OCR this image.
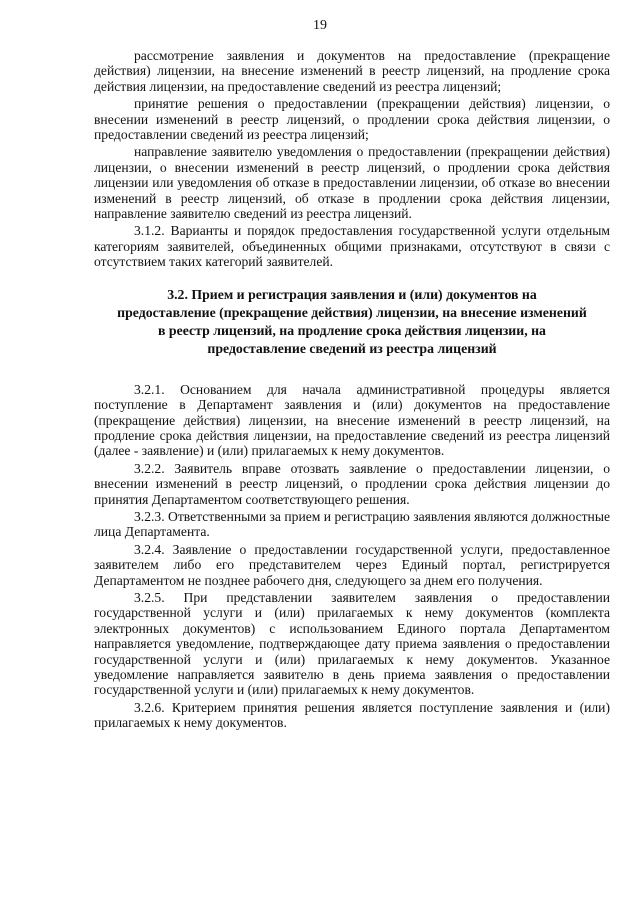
19

рассмотрение заявления и документов на предоставление (прекращение действия) лицензии, на внесение изменений в реестр лицензий, на продление срока действия лицензии, на предоставление сведений из реестра лицензий;

принятие решения о предоставлении (прекращении действия) лицензии, о внесении изменений в реестр лицензий, о продлении срока действия лицензии, о предоставлении сведений из реестра лицензий;

направление заявителю уведомления о предоставлении (прекращении действия) лицензии, о внесении изменений в реестр лицензий, о продлении срока действия лицензии или уведомления об отказе в предоставлении лицензии, об отказе во внесении изменений в реестр лицензий, об отказе в продлении срока действия лицензии, направление заявителю сведений из реестра лицензий.

3.1.2. Варианты и порядок предоставления государственной услуги отдельным категориям заявителей, объединенных общими признаками, отсутствуют в связи с отсутствием таких категорий заявителей.

3.2. Прием и регистрация заявления и (или) документов на
предоставление (прекращение действия) лицензии, на внесение изменений
в реестр лицензий, на продление срока действия лицензии, на
предоставление сведений из реестра лицензий

3.2.1. Основанием для начала административной процедуры является поступление в Департамент заявления и (или) документов на предоставление (прекращение действия) лицензии, на внесение изменений в реестр лицензий, на продление срока действия лицензии, на предоставление сведений из реестра лицензий (далее - заявление) и (или) прилагаемых к нему документов.

3.2.2. Заявитель вправе отозвать заявление о предоставлении лицензии, о внесении изменений в реестр лицензий, о продлении срока действия лицензии до принятия Департаментом соответствующего решения.

3.2.3. Ответственными за прием и регистрацию заявления являются должностные лица Департамента.

3.2.4. Заявление о предоставлении государственной услуги, предоставленное заявителем либо его представителем через Единый портал, регистрируется Департаментом не позднее рабочего дня, следующего за днем его получения.

3.2.5. При представлении заявителем заявления о предоставлении государственной услуги и (или) прилагаемых к нему документов (комплекта электронных документов) с использованием Единого портала Департаментом направляется уведомление, подтверждающее дату приема заявления о предоставлении государственной услуги и (или) прилагаемых к нему документов. Указанное уведомление направляется заявителю в день приема заявления о предоставлении государственной услуги и (или) прилагаемых к нему документов.

3.2.6. Критерием принятия решения является поступление заявления и (или) прилагаемых к нему документов.
